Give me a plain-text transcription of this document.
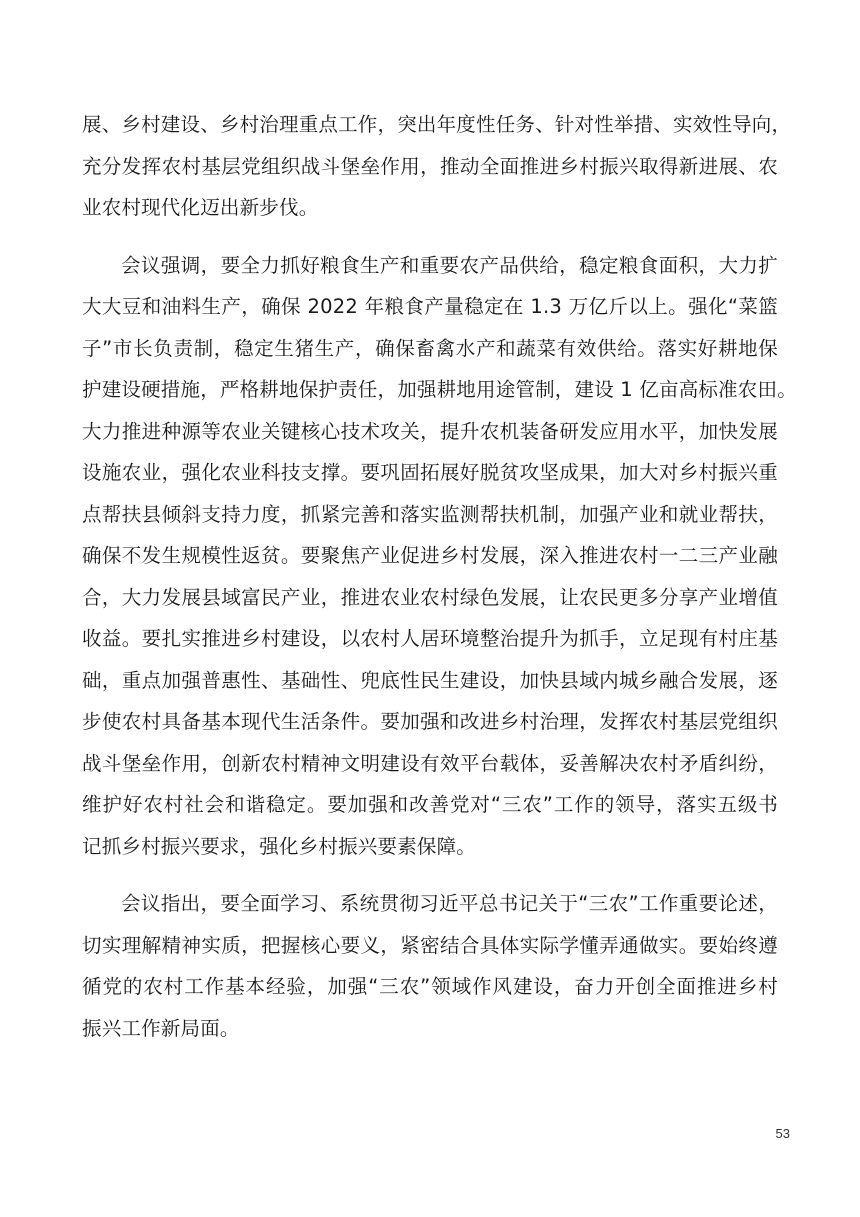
展、乡村建设、乡村治理重点工作，突出年度性任务、针对性举措、实效性导向，
充分发挥农村基层党组织战斗堡垒作用，推动全面推进乡村振兴取得新进展、农
业农村现代化迈出新步伐。
会议强调，要全力抓好粮食生产和重要农产品供给，稳定粮食面积，大力扩
大大豆和油料生产，确保 2022 年粮食产量稳定在 1.3 万亿斤以上。强化“菜篮
子”市长负责制，稳定生猪生产，确保畜禽水产和蔬菜有效供给。落实好耕地保
护建设硬措施，严格耕地保护责任，加强耕地用途管制，建设 1 亿亩高标准农田。
大力推进种源等农业关键核心技术攻关，提升农机装备研发应用水平，加快发展
设施农业，强化农业科技支撑。要巩固拓展好脱贫攻坚成果，加大对乡村振兴重
点帮扶县倾斜支持力度，抓紧完善和落实监测帮扶机制，加强产业和就业帮扶，
确保不发生规模性返贫。要聚焦产业促进乡村发展，深入推进农村一二三产业融
合，大力发展县域富民产业，推进农业农村绿色发展，让农民更多分享产业增值
收益。要扎实推进乡村建设，以农村人居环境整治提升为抓手，立足现有村庄基
础，重点加强普惠性、基础性、兜底性民生建设，加快县域内城乡融合发展，逐
步使农村具备基本现代生活条件。要加强和改进乡村治理，发挥农村基层党组织
战斗堡垒作用，创新农村精神文明建设有效平台载体，妥善解决农村矛盾纠纷，
维护好农村社会和谐稳定。要加强和改善党对“三农”工作的领导，落实五级书
记抓乡村振兴要求，强化乡村振兴要素保障。
会议指出，要全面学习、系统贯彻习近平总书记关于“三农”工作重要论述，
切实理解精神实质，把握核心要义，紧密结合具体实际学懂弄通做实。要始终遵
循党的农村工作基本经验，加强“三农”领域作风建设，奋力开创全面推进乡村
振兴工作新局面。
53
